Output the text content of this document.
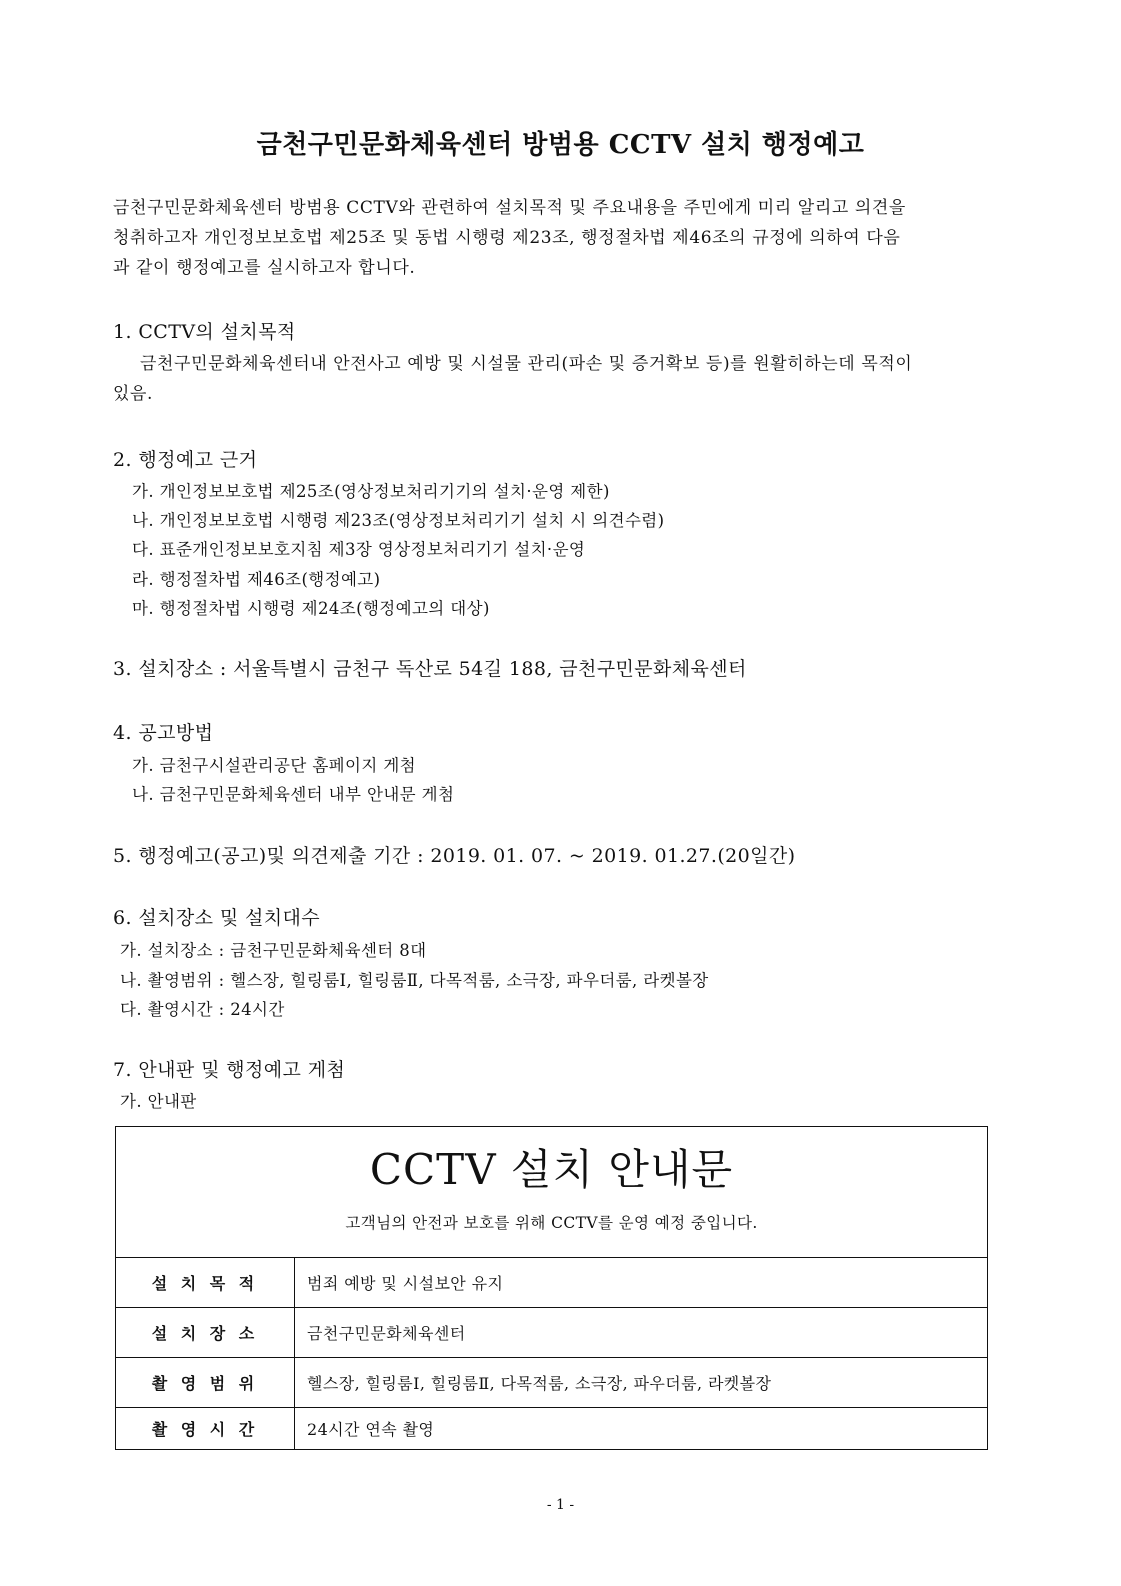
금천구민문화체육센터 방범용 CCTV 설치 행정예고
금천구민문화체육센터 방범용 CCTV와 관련하여 설치목적 및 주요내용을 주민에게 미리 알리고 의견을
청취하고자 개인정보보호법 제25조 및 동법 시행령 제23조, 행정절차법 제46조의 규정에 의하여 다음
과 같이 행정예고를 실시하고자 합니다.
1. CCTV의 설치목적
금천구민문화체육센터내 안전사고 예방 및 시설물 관리(파손 및 증거확보 등)를 원활히하는데 목적이
있음.
2. 행정예고 근거
가. 개인정보보호법 제25조(영상정보처리기기의 설치·운영 제한)
나. 개인정보보호법 시행령 제23조(영상정보처리기기 설치 시 의견수렴)
다. 표준개인정보보호지침 제3장 영상정보처리기기 설치·운영
라. 행정절차법 제46조(행정예고)
마. 행정절차법 시행령 제24조(행정예고의 대상)
3. 설치장소 : 서울특별시 금천구 독산로 54길 188, 금천구민문화체육센터
4. 공고방법
가. 금천구시설관리공단 홈페이지 게첨
나. 금천구민문화체육센터 내부 안내문 게첨
5. 행정예고(공고)및 의견제출 기간 : 2019. 01. 07. ~ 2019. 01.27.(20일간)
6. 설치장소 및 설치대수
가. 설치장소 : 금천구민문화체육센터 8대
나. 촬영범위 : 헬스장, 힐링룸Ⅰ, 힐링룸Ⅱ, 다목적룸, 소극장, 파우더룸, 라켓볼장
다. 촬영시간 : 24시간
7. 안내판 및 행정예고 게첨
가. 안내판
CCTV 설치 안내문
고객님의 안전과 보호를 위해 CCTV를 운영 예정 중입니다.
설 치 목 적	범죄 예방 및 시설보안 유지
설 치 장 소	금천구민문화체육센터
촬 영 범 위	헬스장, 힐링룸Ⅰ, 힐링룸Ⅱ, 다목적룸, 소극장, 파우더룸, 라켓볼장
촬 영 시 간	24시간 연속 촬영
- 1 -
